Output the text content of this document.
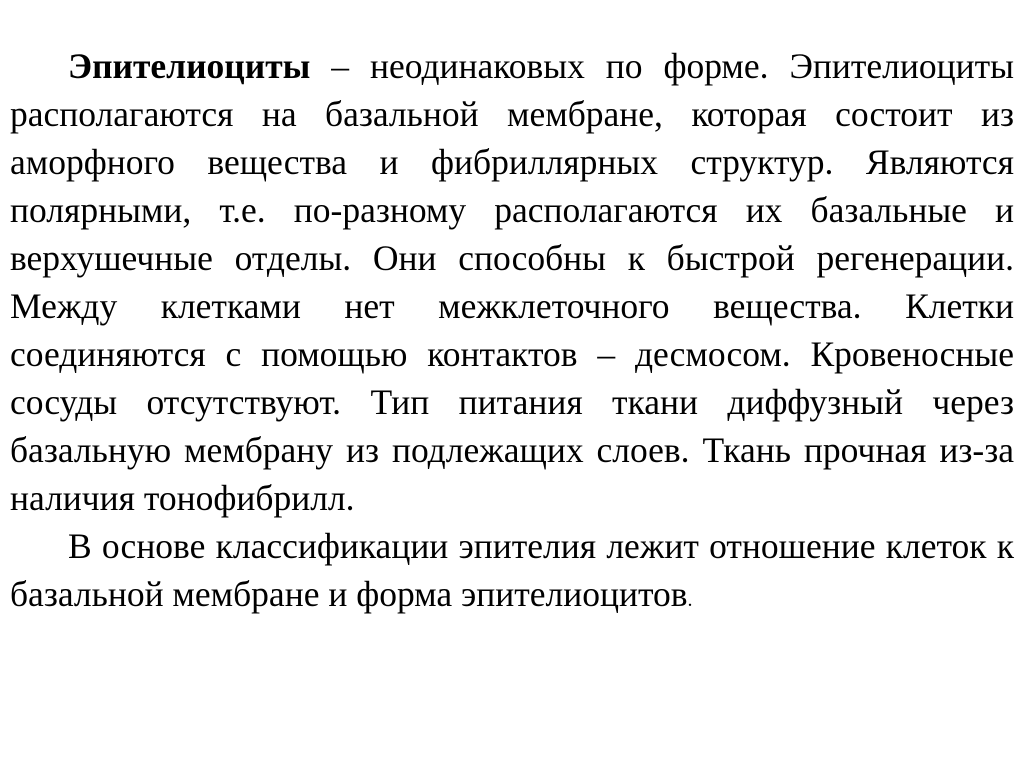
Эпителиоциты – неодинаковых по форме. Эпителиоциты располагаются на базальной мембране, которая состоит из аморфного вещества и фибриллярных структур. Являются полярными, т.е. по-разному располагаются их базальные и верхушечные отделы. Они способны к быстрой регенерации. Между клетками нет межклеточного вещества. Клетки соединяются с помощью контактов – десмосом. Кровеносные сосуды отсутствуют. Тип питания ткани диффузный через базальную мембрану из подлежащих слоев. Ткань прочная из-за наличия тонофибрилл.

В основе классификации эпителия лежит отношение клеток к базальной мембране и форма эпителиоцитов.
